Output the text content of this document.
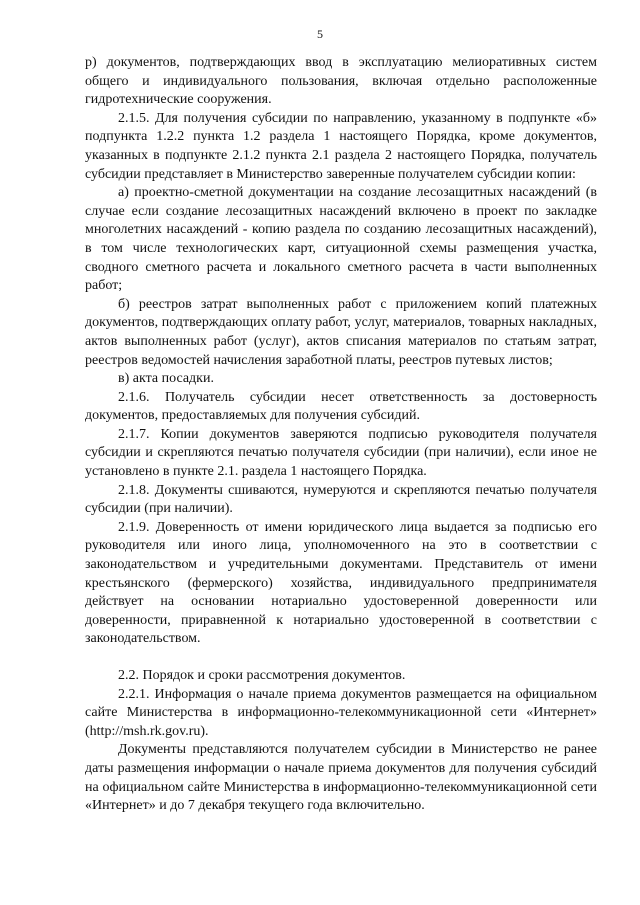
5

р) документов, подтверждающих ввод в эксплуатацию мелиоративных систем общего и индивидуального пользования, включая отдельно расположенные гидротехнические сооружения.

2.1.5. Для получения субсидии по направлению, указанному в подпункте «б» подпункта 1.2.2 пункта 1.2 раздела 1 настоящего Порядка, кроме документов, указанных в подпункте 2.1.2 пункта 2.1 раздела 2 настоящего Порядка, получатель субсидии представляет в Министерство заверенные получателем субсидии копии:

а) проектно-сметной документации на создание лесозащитных насаждений (в случае если создание лесозащитных насаждений включено в проект по закладке многолетних насаждений - копию раздела по созданию лесозащитных насаждений), в том числе технологических карт, ситуационной схемы размещения участка, сводного сметного расчета и локального сметного расчета в части выполненных работ;

б) реестров затрат выполненных работ с приложением копий платежных документов, подтверждающих оплату работ, услуг, материалов, товарных накладных, актов выполненных работ (услуг), актов списания материалов по статьям затрат, реестров ведомостей начисления заработной платы, реестров путевых листов;

в) акта посадки.

2.1.6. Получатель субсидии несет ответственность за достоверность документов, предоставляемых для получения субсидий.

2.1.7. Копии документов заверяются подписью руководителя получателя субсидии и скрепляются печатью получателя субсидии (при наличии), если иное не установлено в пункте 2.1. раздела 1 настоящего Порядка.

2.1.8. Документы сшиваются, нумеруются и скрепляются печатью получателя субсидии (при наличии).

2.1.9. Доверенность от имени юридического лица выдается за подписью его руководителя или иного лица, уполномоченного на это в соответствии с законодательством и учредительными документами. Представитель от имени крестьянского (фермерского) хозяйства, индивидуального предпринимателя действует на основании нотариально удостоверенной доверенности или доверенности, приравненной к нотариально удостоверенной в соответствии с законодательством.

2.2. Порядок и сроки рассмотрения документов.

2.2.1. Информация о начале приема документов размещается на официальном сайте Министерства в информационно-телекоммуникационной сети «Интернет» (http://msh.rk.gov.ru).

Документы представляются получателем субсидии в Министерство не ранее даты размещения информации о начале приема документов для получения субсидий на официальном сайте Министерства в информационно-телекоммуникационной сети «Интернет» и до 7 декабря текущего года включительно.
